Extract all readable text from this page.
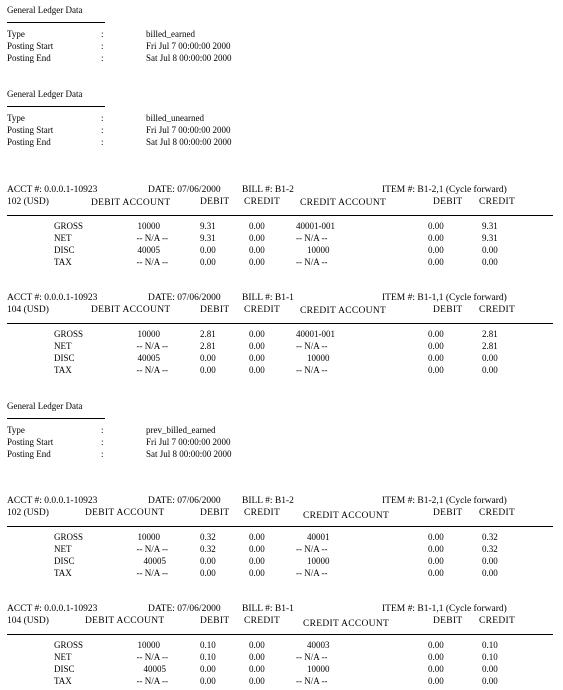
General Ledger Data
Type	:	billed_earned
Posting Start	:	Fri Jul 7 00:00:00 2000
Posting End	:	Sat Jul 8 00:00:00 2000
General Ledger Data
Type	:	billed_unearned
Posting Start	:	Fri Jul 7 00:00:00 2000
Posting End	:	Sat Jul 8 00:00:00 2000
ACCT #: 0.0.0.1-10923	DATE: 07/06/2000 BILL #: B1-2	ITEM #: B1-2,1 (Cycle forward)
102 (USD)	DEBIT ACCOUNT	DEBIT CREDIT CREDIT ACCOUNT	DEBIT CREDIT
GROSS	10000	9.31	0.00	40001-001	0.00	9.31
NET	-- N/A --	9.31	0.00	-- N/A --	0.00	9.31
DISC	40005	0.00	0.00	10000	0.00	0.00
TAX	-- N/A --	0.00	0.00	-- N/A --	0.00	0.00
ACCT #: 0.0.0.1-10923	DATE: 07/06/2000 BILL #: B1-1	ITEM #: B1-1,1 (Cycle forward)
104 (USD)	DEBIT ACCOUNT	DEBIT CREDIT CREDIT ACCOUNT	DEBIT CREDIT
GROSS	10000	2.81	0.00	40001-001	0.00	2.81
NET	-- N/A --	2.81	0.00	-- N/A --	0.00	2.81
DISC	40005	0.00	0.00	10000	0.00	0.00
TAX	-- N/A --	0.00	0.00	-- N/A --	0.00	0.00
General Ledger Data
Type	:	prev_billed_earned
Posting Start	:	Fri Jul 7 00:00:00 2000
Posting End	:	Sat Jul 8 00:00:00 2000
ACCT #: 0.0.0.1-10923	DATE: 07/06/2000 BILL #: B1-2	ITEM #: B1-2,1 (Cycle forward)
102 (USD)	DEBIT ACCOUNT	DEBIT CREDIT CREDIT ACCOUNT	DEBIT CREDIT
GROSS	10000	0.32	0.00	40001	0.00	0.32
NET	-- N/A --	0.32	0.00	-- N/A --	0.00	0.32
DISC	40005	0.00	0.00	10000	0.00	0.00
TAX	-- N/A --	0.00	0.00	-- N/A --	0.00	0.00
ACCT #: 0.0.0.1-10923	DATE: 07/06/2000 BILL #: B1-1	ITEM #: B1-1,1 (Cycle forward)
104 (USD)	DEBIT ACCOUNT	DEBIT CREDIT CREDIT ACCOUNT	DEBIT CREDIT
GROSS	10000	0.10	0.00	40003	0.00	0.10
NET	-- N/A --	0.10	0.00	-- N/A --	0.00	0.10
DISC	40005	0.00	0.00	10000	0.00	0.00
TAX	-- N/A --	0.00	0.00	-- N/A --	0.00	0.00
